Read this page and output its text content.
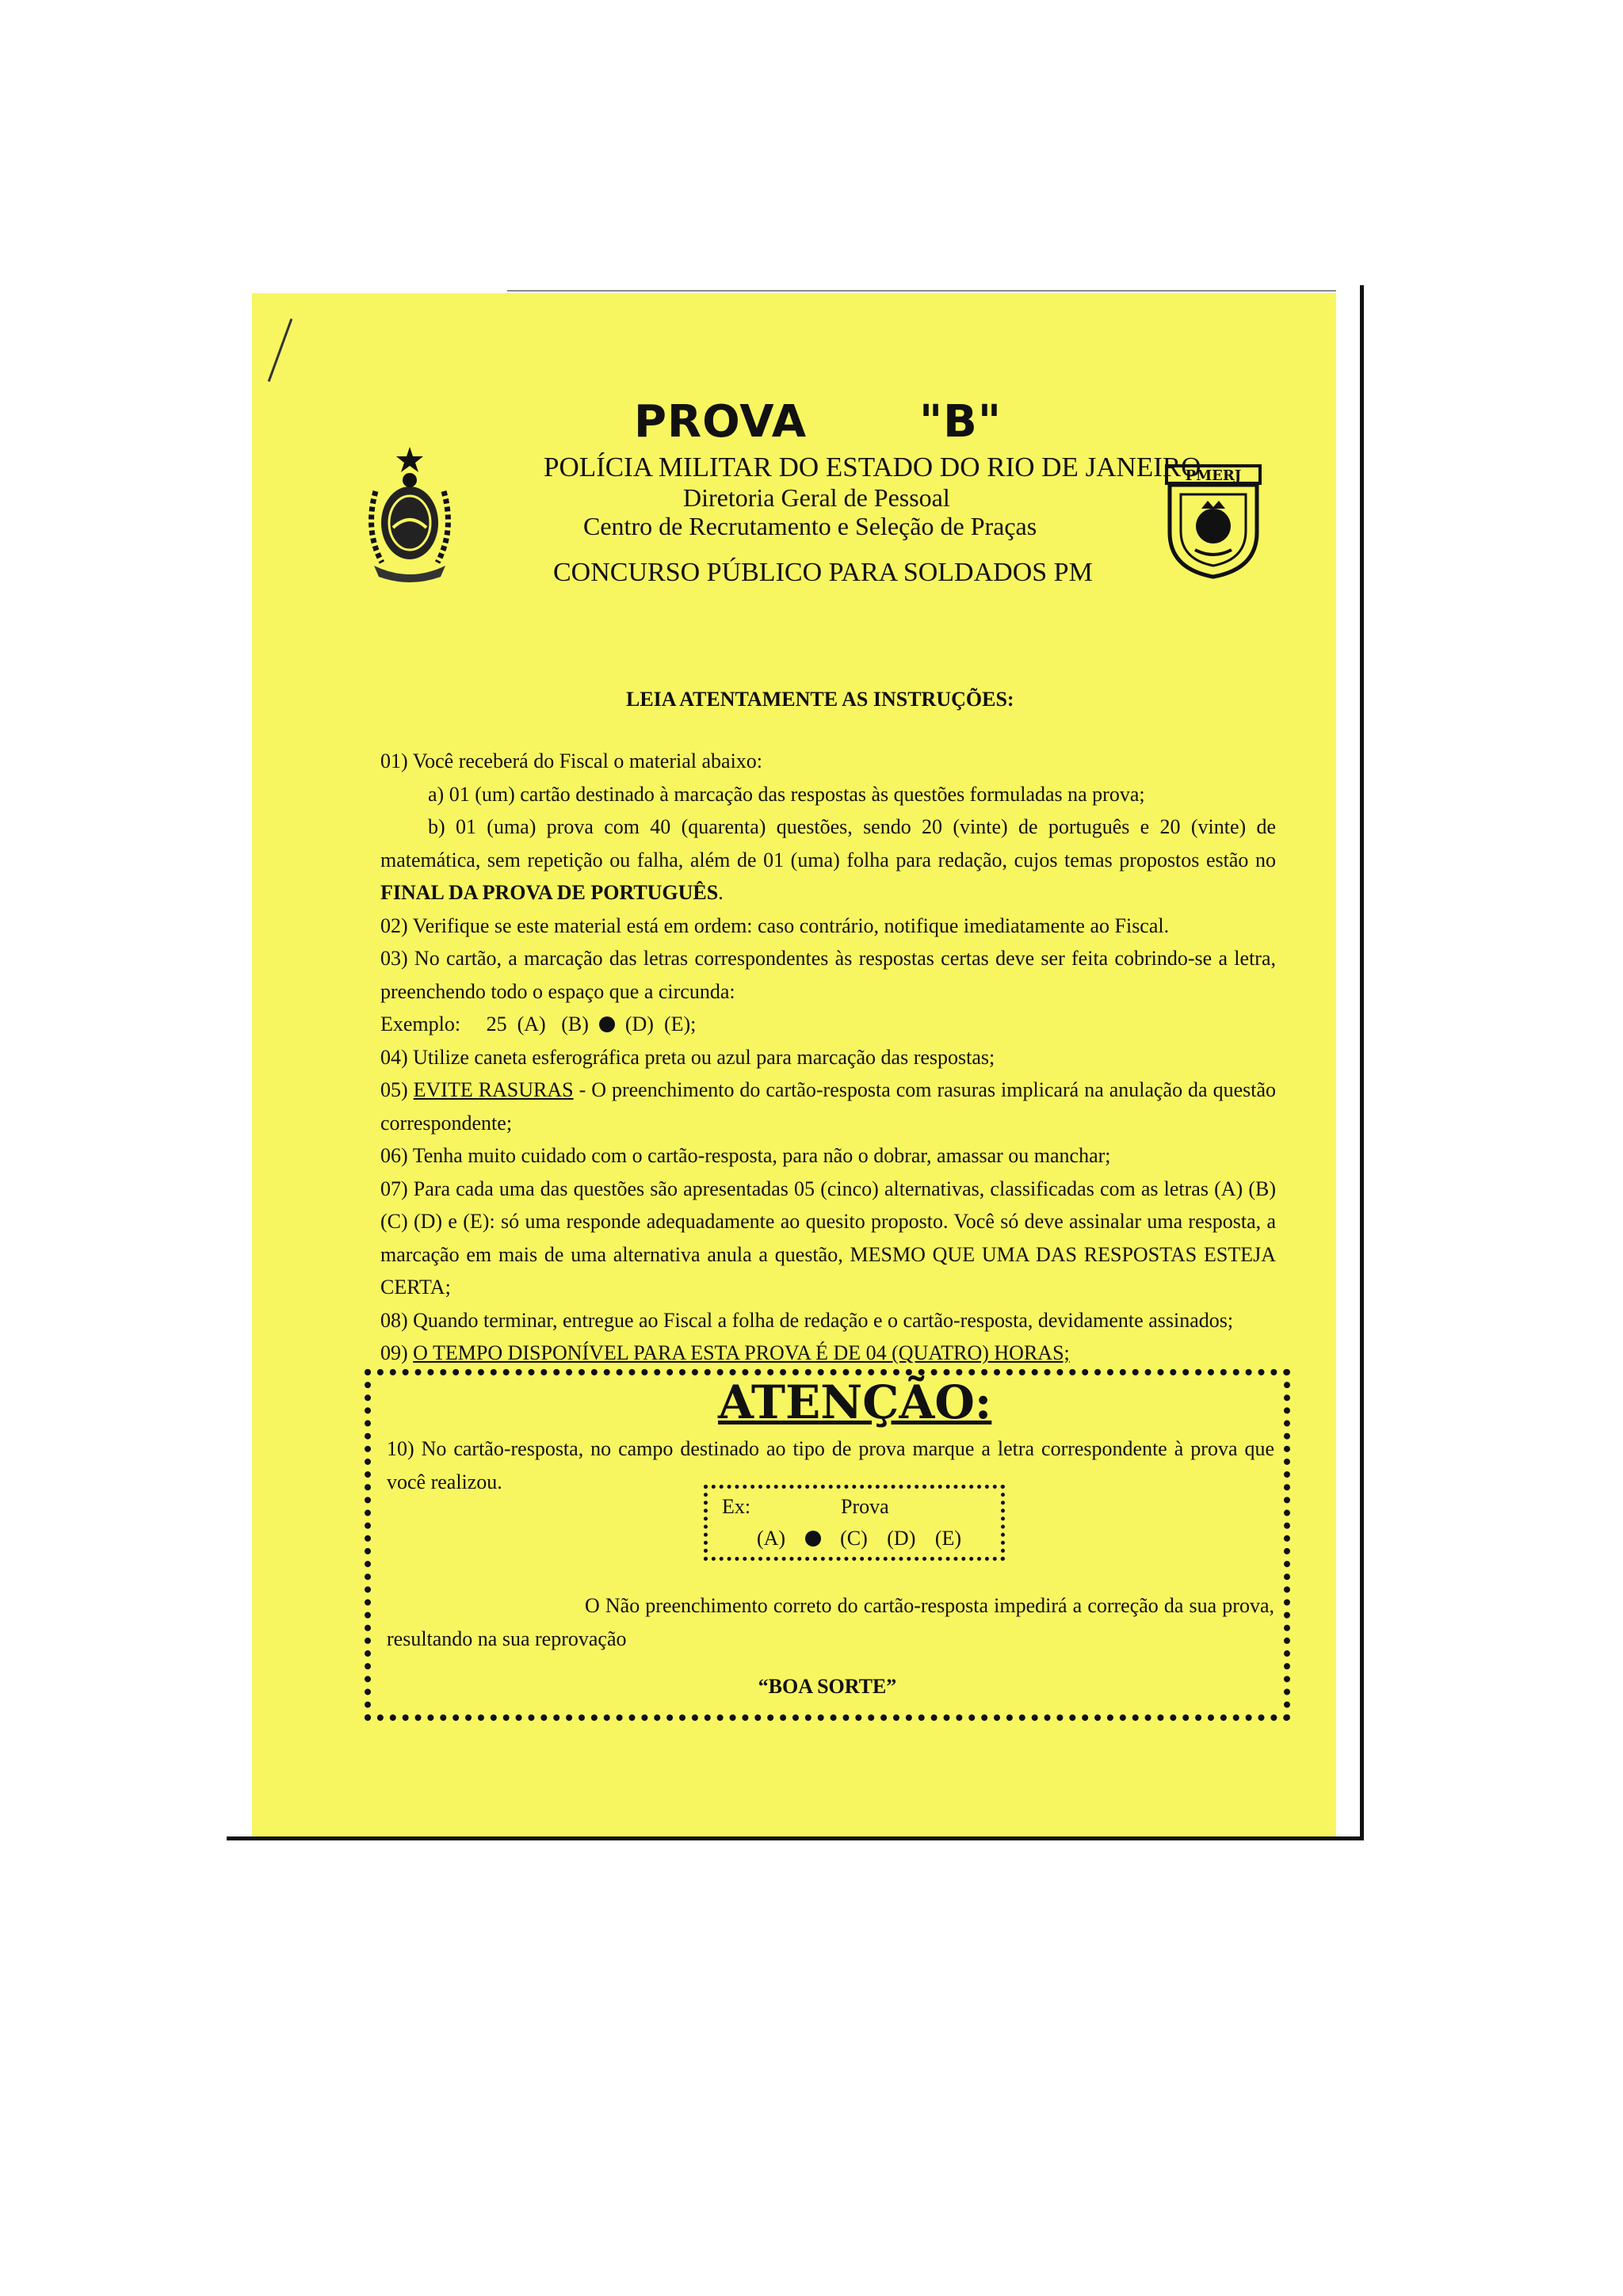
PMERJ
PROVA	"B"
POLÍCIA MILITAR DO ESTADO DO RIO DE JANEIRO
Diretoria Geral de Pessoal
Centro de Recrutamento e Seleção de Praças
CONCURSO PÚBLICO PARA SOLDADOS PM
LEIA ATENTAMENTE AS INSTRUÇÕES:

01) Você receberá do Fiscal o material abaixo:

a) 01 (um) cartão destinado à marcação das respostas às questões formuladas na prova;

b) 01 (uma) prova com 40 (quarenta) questões, sendo 20 (vinte) de português e 20 (vinte) de matemática, sem repetição ou falha, além de 01 (uma) folha para redação, cujos temas propostos estão no FINAL DA PROVA DE PORTUGUÊS.

02) Verifique se este material está em ordem: caso contrário, notifique imediatamente ao Fiscal.

03) No cartão, a marcação das letras correspondentes às respostas certas deve ser feita cobrindo-se a letra, preenchendo todo o espaço que a circunda:

Exemplo: 25 (A) (B) (D) (E);

04) Utilize caneta esferográfica preta ou azul para marcação das respostas;

05) EVITE RASURAS - O preenchimento do cartão-resposta com rasuras implicará na anulação da questão correspondente;

06) Tenha muito cuidado com o cartão-resposta, para não o dobrar, amassar ou manchar;

07) Para cada uma das questões são apresentadas 05 (cinco) alternativas, classificadas com as letras (A) (B) (C) (D) e (E): só uma responde adequadamente ao quesito proposto. Você só deve assinalar uma resposta, a marcação em mais de uma alternativa anula a questão, MESMO QUE UMA DAS RESPOSTAS ESTEJA CERTA;

08) Quando terminar, entregue ao Fiscal a folha de redação e o cartão-resposta, devidamente assinados;

09) O TEMPO DISPONÍVEL PARA ESTA PROVA É DE 04 (QUATRO) HORAS;

ATENÇÃO:
10) No cartão-resposta, no campo destinado ao tipo de prova marque a letra correspondente à prova que você realizou.
Ex:	Prova
(A)	(C) (D) (E)

O Não preenchimento correto do cartão-resposta impedirá a correção da sua prova, resultando na sua reprovação

“BOA SORTE”
